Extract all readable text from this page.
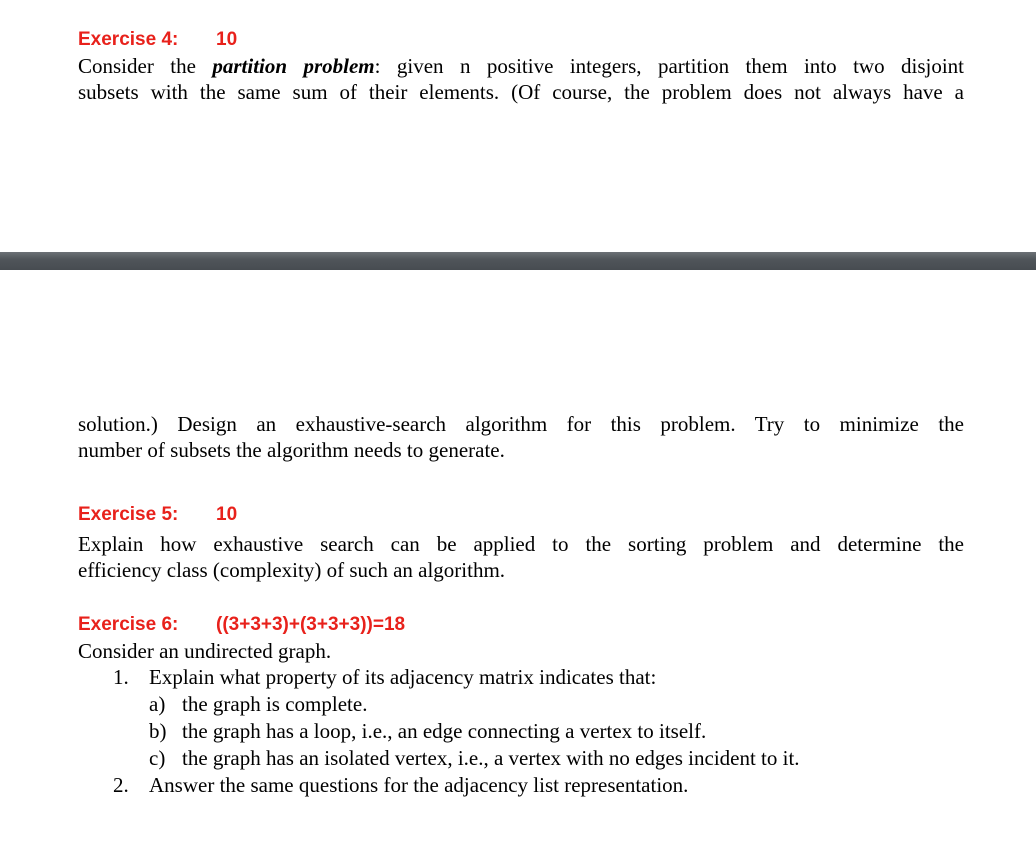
Exercise 4: 10
Consider the partition problem: given n positive integers, partition them into two disjoint
subsets with the same sum of their elements. (Of course, the problem does not always have a
solution.) Design an exhaustive-search algorithm for this problem. Try to minimize the
number of subsets the algorithm needs to generate.
Exercise 5: 10
Explain how exhaustive search can be applied to the sorting problem and determine the
efficiency class (complexity) of such an algorithm.
Exercise 6: ((3+3+3)+(3+3+3))=18
Consider an undirected graph.
1. Explain what property of its adjacency matrix indicates that:
a) the graph is complete.
b) the graph has a loop, i.e., an edge connecting a vertex to itself.
c) the graph has an isolated vertex, i.e., a vertex with no edges incident to it.
2. Answer the same questions for the adjacency list representation.
